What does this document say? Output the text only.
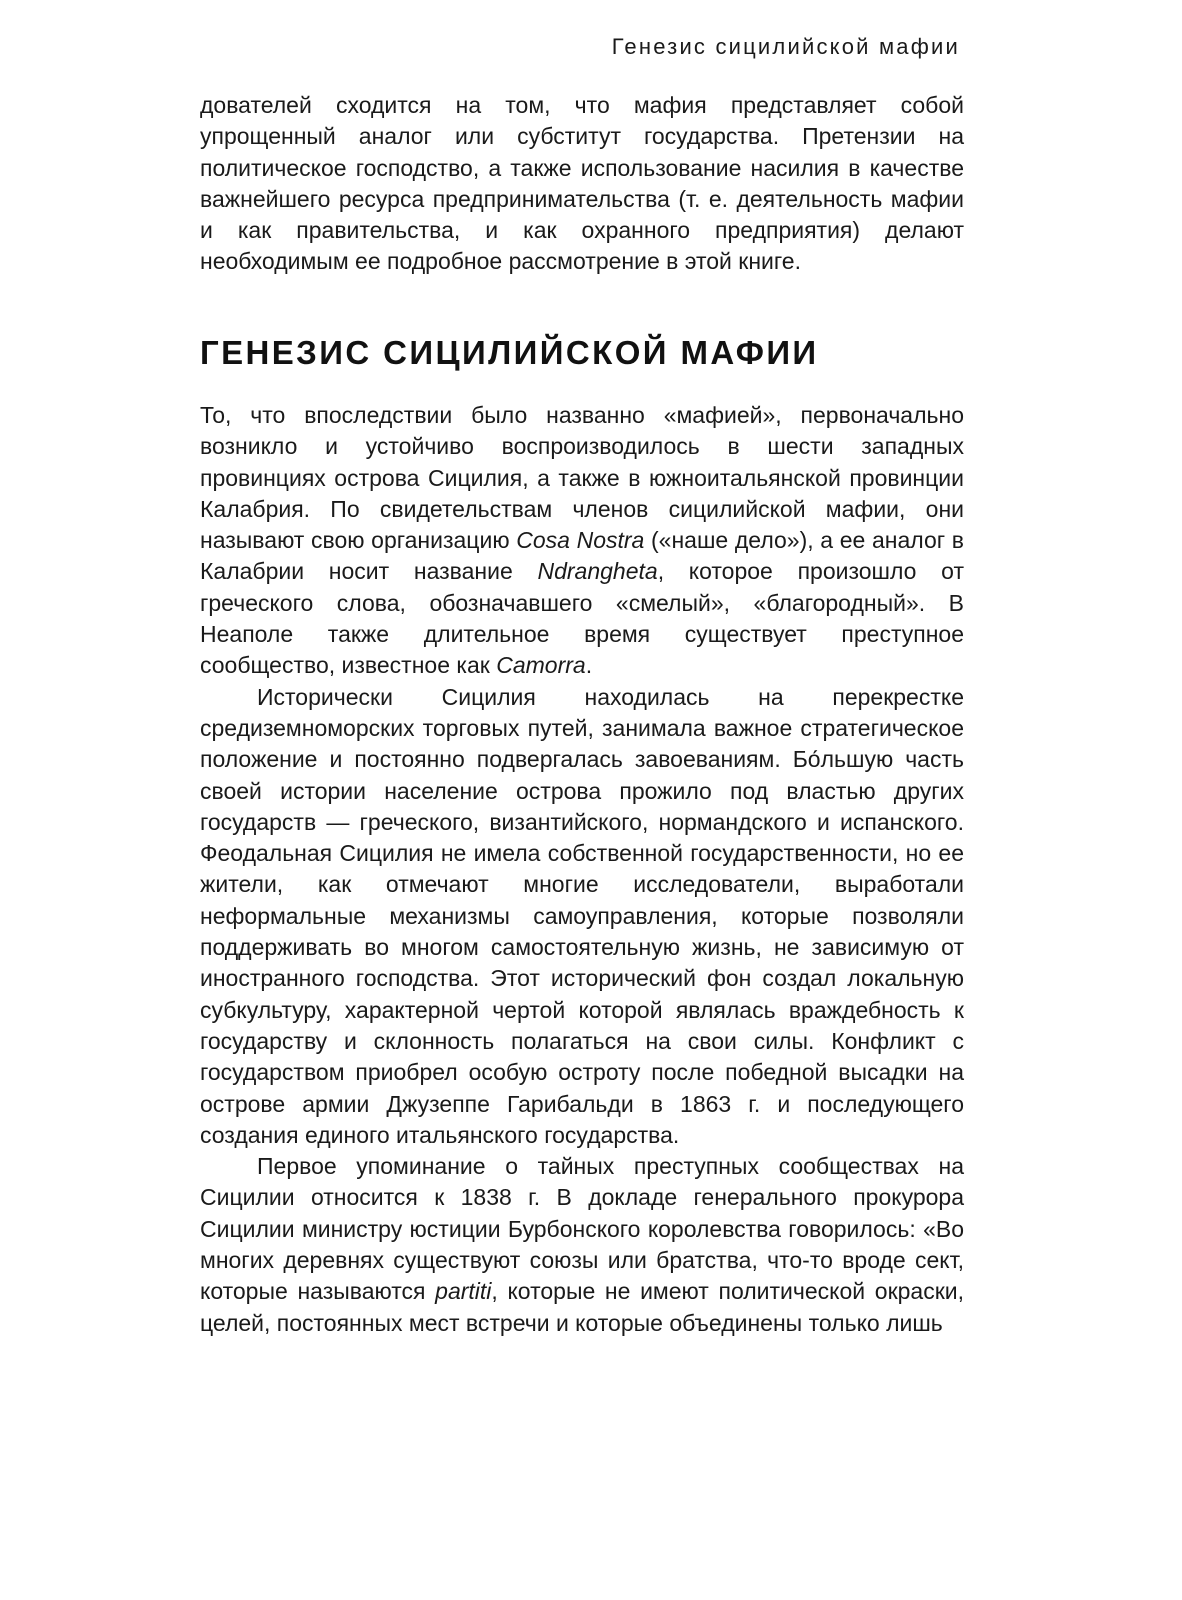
Генезис сицилийской мафии

дователей сходится на том, что мафия представляет собой упрощенный аналог или субститут государства. Претензии на политическое господство, а также использование насилия в качестве важнейшего ресурса предпринимательства (т. е. деятельность мафии и как правительства, и как охранного предприятия) делают необходимым ее подробное рассмотрение в этой книге.

ГЕНЕЗИС СИЦИЛИЙСКОЙ МАФИИ

То, что впоследствии было названно «мафией», первоначально возникло и устойчиво воспроизводилось в шести западных провинциях острова Сицилия, а также в южноитальянской провинции Калабрия. По свидетельствам членов сицилийской мафии, они называют свою организацию Cosa Nostra («наше дело»), а ее аналог в Калабрии носит название Ndrangheta, которое произошло от греческого слова, обозначавшего «смелый», «благородный». В Неаполе также длительное время существует преступное сообщество, известное как Camorra.

Исторически Сицилия находилась на перекрестке средиземноморских торговых путей, занимала важное стратегическое положение и постоянно подвергалась завоеваниям. Бо́льшую часть своей истории население острова прожило под властью других государств — греческого, византийского, нормандского и испанского. Феодальная Сицилия не имела собственной государственности, но ее жители, как отмечают многие исследователи, выработали неформальные механизмы самоуправления, которые позволяли поддерживать во многом самостоятельную жизнь, не зависимую от иностранного господства. Этот исторический фон создал локальную субкультуру, характерной чертой которой являлась враждебность к государству и склонность полагаться на свои силы. Конфликт с государством приобрел особую остроту после победной высадки на острове армии Джузеппе Гарибальди в 1863 г. и последующего создания единого итальянского государства.

Первое упоминание о тайных преступных сообществах на Сицилии относится к 1838 г. В докладе генерального прокурора Сицилии министру юстиции Бурбонского королевства говорилось: «Во многих деревнях существуют союзы или братства, что-то вроде сект, которые называются partiti, которые не имеют политической окраски, целей, постоянных мест встречи и которые объединены только лишь
